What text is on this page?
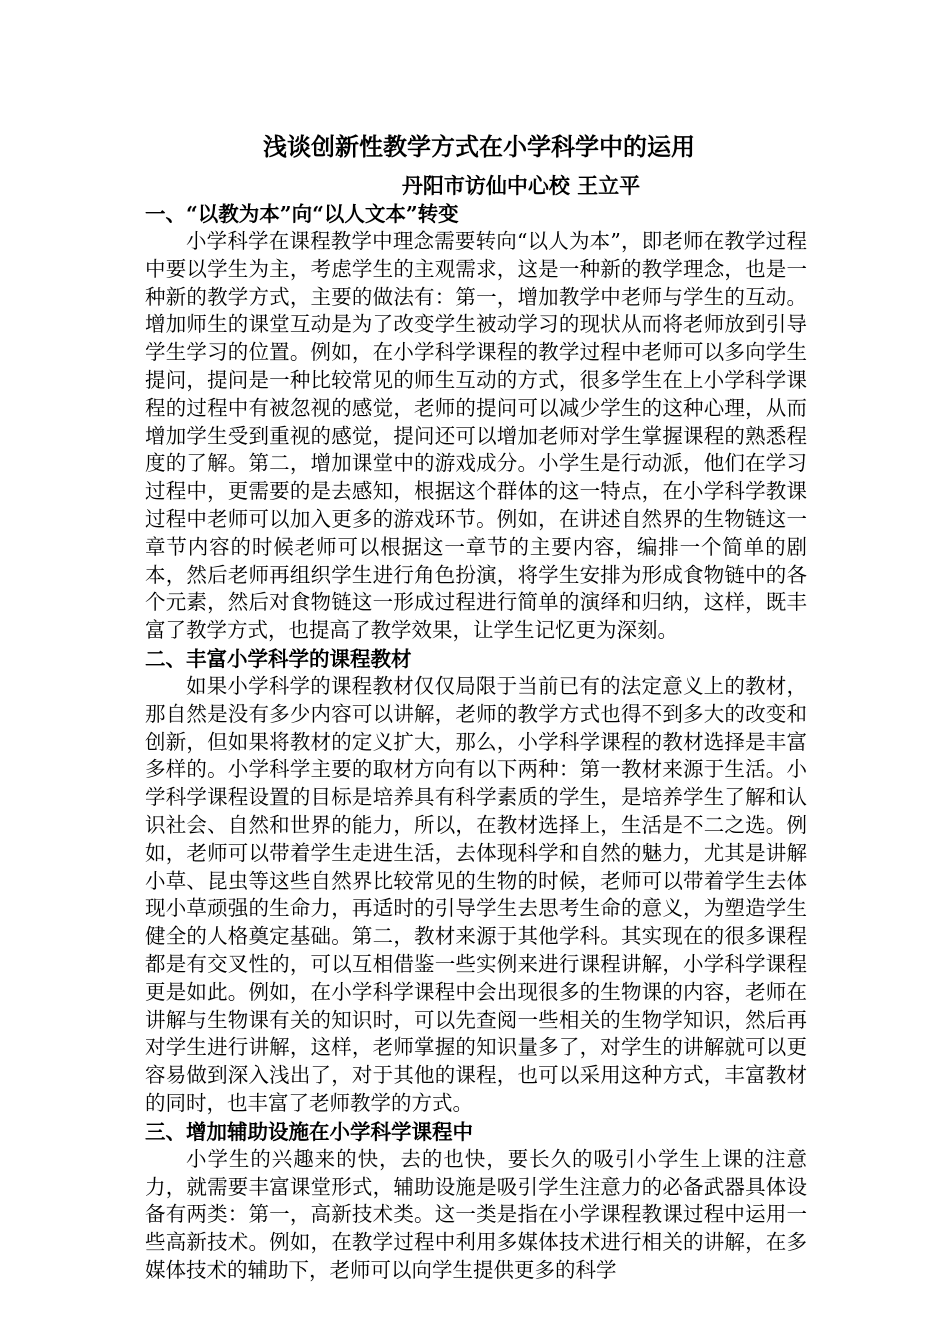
浅谈创新性教学方式在小学科学中的运用
丹阳市访仙中心校 王立平
一、“以教为本”向“以人文本”转变

小学科学在课程教学中理念需要转向“以人为本”，即老师在教学过程中要以学生为主，考虑学生的主观需求，这是一种新的教学理念，也是一种新的教学方式，主要的做法有：第一，增加教学中老师与学生的互动。增加师生的课堂互动是为了改变学生被动学习的现状从而将老师放到引导学生学习的位置。例如，在小学科学课程的教学过程中老师可以多向学生提问，提问是一种比较常见的师生互动的方式，很多学生在上小学科学课程的过程中有被忽视的感觉，老师的提问可以减少学生的这种心理，从而增加学生受到重视的感觉，提问还可以增加老师对学生掌握课程的熟悉程度的了解。第二，增加课堂中的游戏成分。小学生是行动派，他们在学习过程中，更需要的是去感知，根据这个群体的这一特点，在小学科学教课过程中老师可以加入更多的游戏环节。例如，在讲述自然界的生物链这一章节内容的时候老师可以根据这一章节的主要内容，编排一个简单的剧本，然后老师再组织学生进行角色扮演，将学生安排为形成食物链中的各个元素，然后对食物链这一形成过程进行简单的演绎和归纳，这样，既丰富了教学方式，也提高了教学效果，让学生记忆更为深刻。

二、丰富小学科学的课程教材

如果小学科学的课程教材仅仅局限于当前已有的法定意义上的教材，那自然是没有多少内容可以讲解，老师的教学方式也得不到多大的改变和创新，但如果将教材的定义扩大，那么，小学科学课程的教材选择是丰富多样的。小学科学主要的取材方向有以下两种：第一教材来源于生活。小学科学课程设置的目标是培养具有科学素质的学生，是培养学生了解和认识社会、自然和世界的能力，所以，在教材选择上，生活是不二之选。例如，老师可以带着学生走进生活，去体现科学和自然的魅力，尤其是讲解小草、昆虫等这些自然界比较常见的生物的时候，老师可以带着学生去体现小草顽强的生命力，再适时的引导学生去思考生命的意义，为塑造学生健全的人格奠定基础。第二，教材来源于其他学科。其实现在的很多课程都是有交叉性的，可以互相借鉴一些实例来进行课程讲解，小学科学课程更是如此。例如，在小学科学课程中会出现很多的生物课的内容，老师在讲解与生物课有关的知识时，可以先查阅一些相关的生物学知识，然后再对学生进行讲解，这样，老师掌握的知识量多了，对学生的讲解就可以更容易做到深入浅出了，对于其他的课程，也可以采用这种方式，丰富教材的同时，也丰富了老师教学的方式。

三、增加辅助设施在小学科学课程中

小学生的兴趣来的快，去的也快，要长久的吸引小学生上课的注意力，就需要丰富课堂形式，辅助设施是吸引学生注意力的必备武器具体设备有两类：第一，高新技术类。这一类是指在小学课程教课过程中运用一些高新技术。例如，在教学过程中利用多媒体技术进行相关的讲解，在多媒体技术的辅助下，老师可以向学生提供更多的科学
